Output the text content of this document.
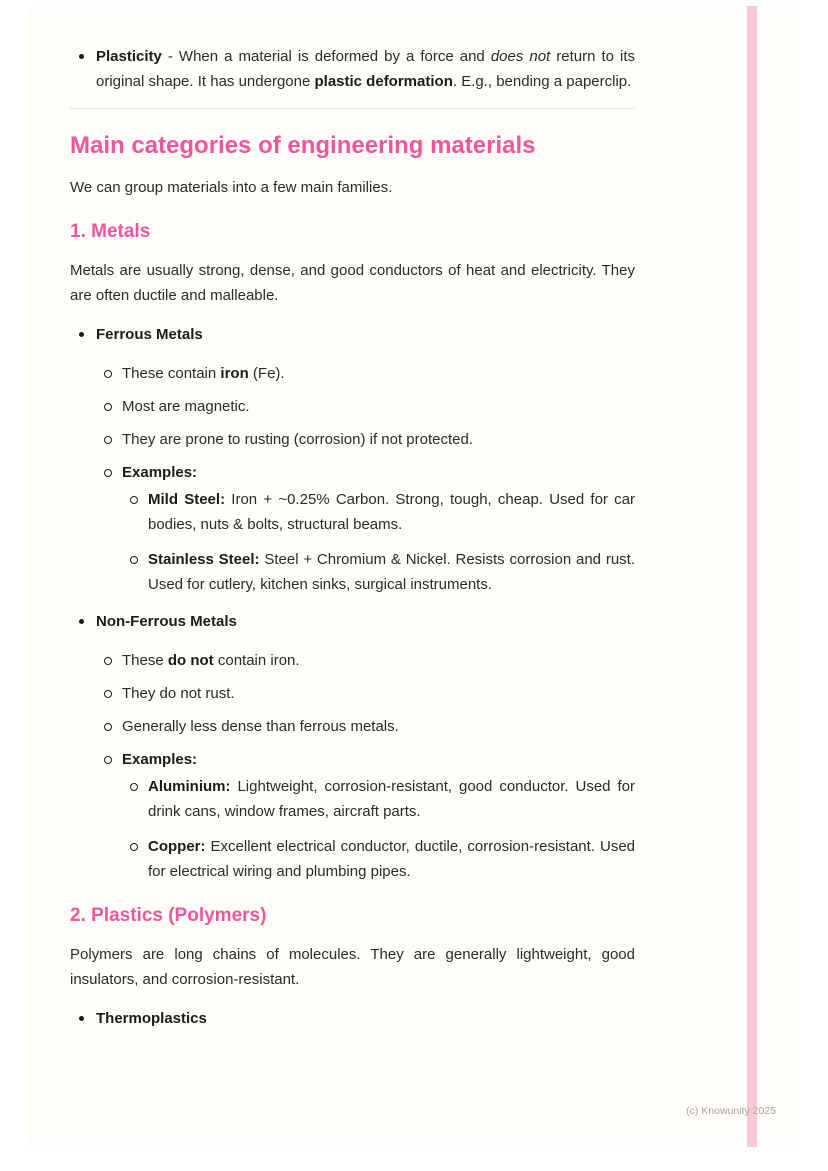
Plasticity - When a material is deformed by a force and does not return to its original shape. It has undergone plastic deformation. E.g., bending a paperclip.
Main categories of engineering materials

We can group materials into a few main families.

1. Metals

Metals are usually strong, dense, and good conductors of heat and electricity. They are often ductile and malleable.

Ferrous Metals

These contain iron (Fe).
Most are magnetic.
They are prone to rusting (corrosion) if not protected.

Examples:

Mild Steel: Iron + ~0.25% Carbon. Strong, tough, cheap. Used for car bodies, nuts & bolts, structural beams.
Stainless Steel: Steel + Chromium & Nickel. Resists corrosion and rust. Used for cutlery, kitchen sinks, surgical instruments.

Non-Ferrous Metals

These do not contain iron.
They do not rust.
Generally less dense than ferrous metals.

Examples:

Aluminium: Lightweight, corrosion-resistant, good conductor. Used for drink cans, window frames, aircraft parts.
Copper: Excellent electrical conductor, ductile, corrosion-resistant. Used for electrical wiring and plumbing pipes.
2. Plastics (Polymers)

Polymers are long chains of molecules. They are generally lightweight, good insulators, and corrosion-resistant.

Thermoplastics

(c) Knowunity 2025
